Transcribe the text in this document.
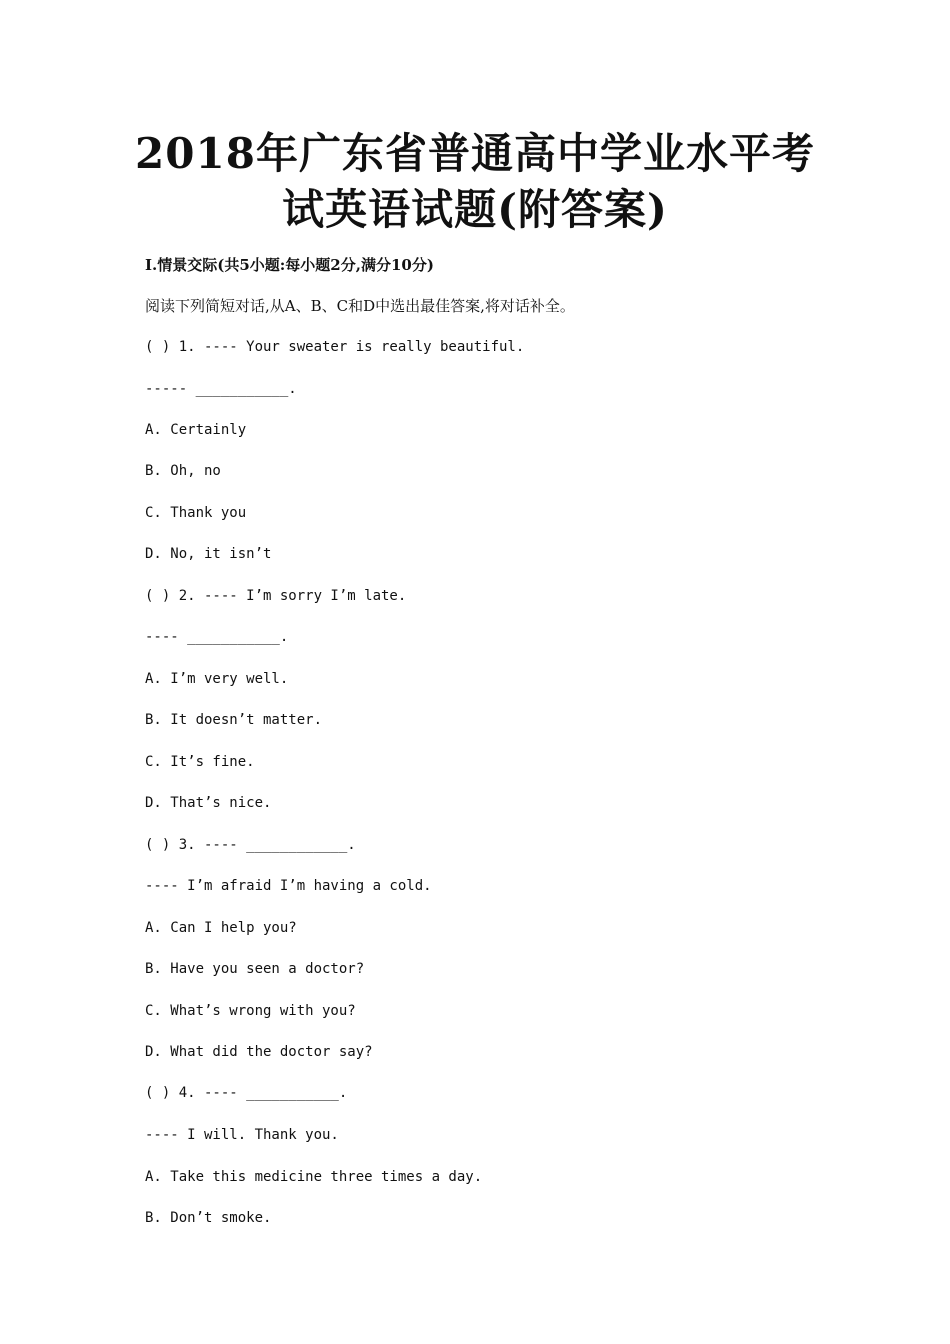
2018年广东省普通高中学业水平考
试英语试题(附答案)
I.情景交际(共5小题:每小题2分,满分10分)
阅读下列简短对话,从A、B、C和D中选出最佳答案,将对话补全。
( ) 1. ---- Your sweater is really beautiful.
----- ___________.
A. Certainly
B. Oh, no
C. Thank you
D. No, it isn’t
( ) 2. ---- I’m sorry I’m late.
---- ___________.
A. I’m very well.
B. It doesn’t matter.
C. It’s fine.
D. That’s nice.
( ) 3. ---- ____________.
---- I’m afraid I’m having a cold.
A. Can I help you?
B. Have you seen a doctor?
C. What’s wrong with you?
D. What did the doctor say?
( ) 4. ---- ___________.
---- I will. Thank you.
A. Take this medicine three times a day.
B. Don’t smoke.
